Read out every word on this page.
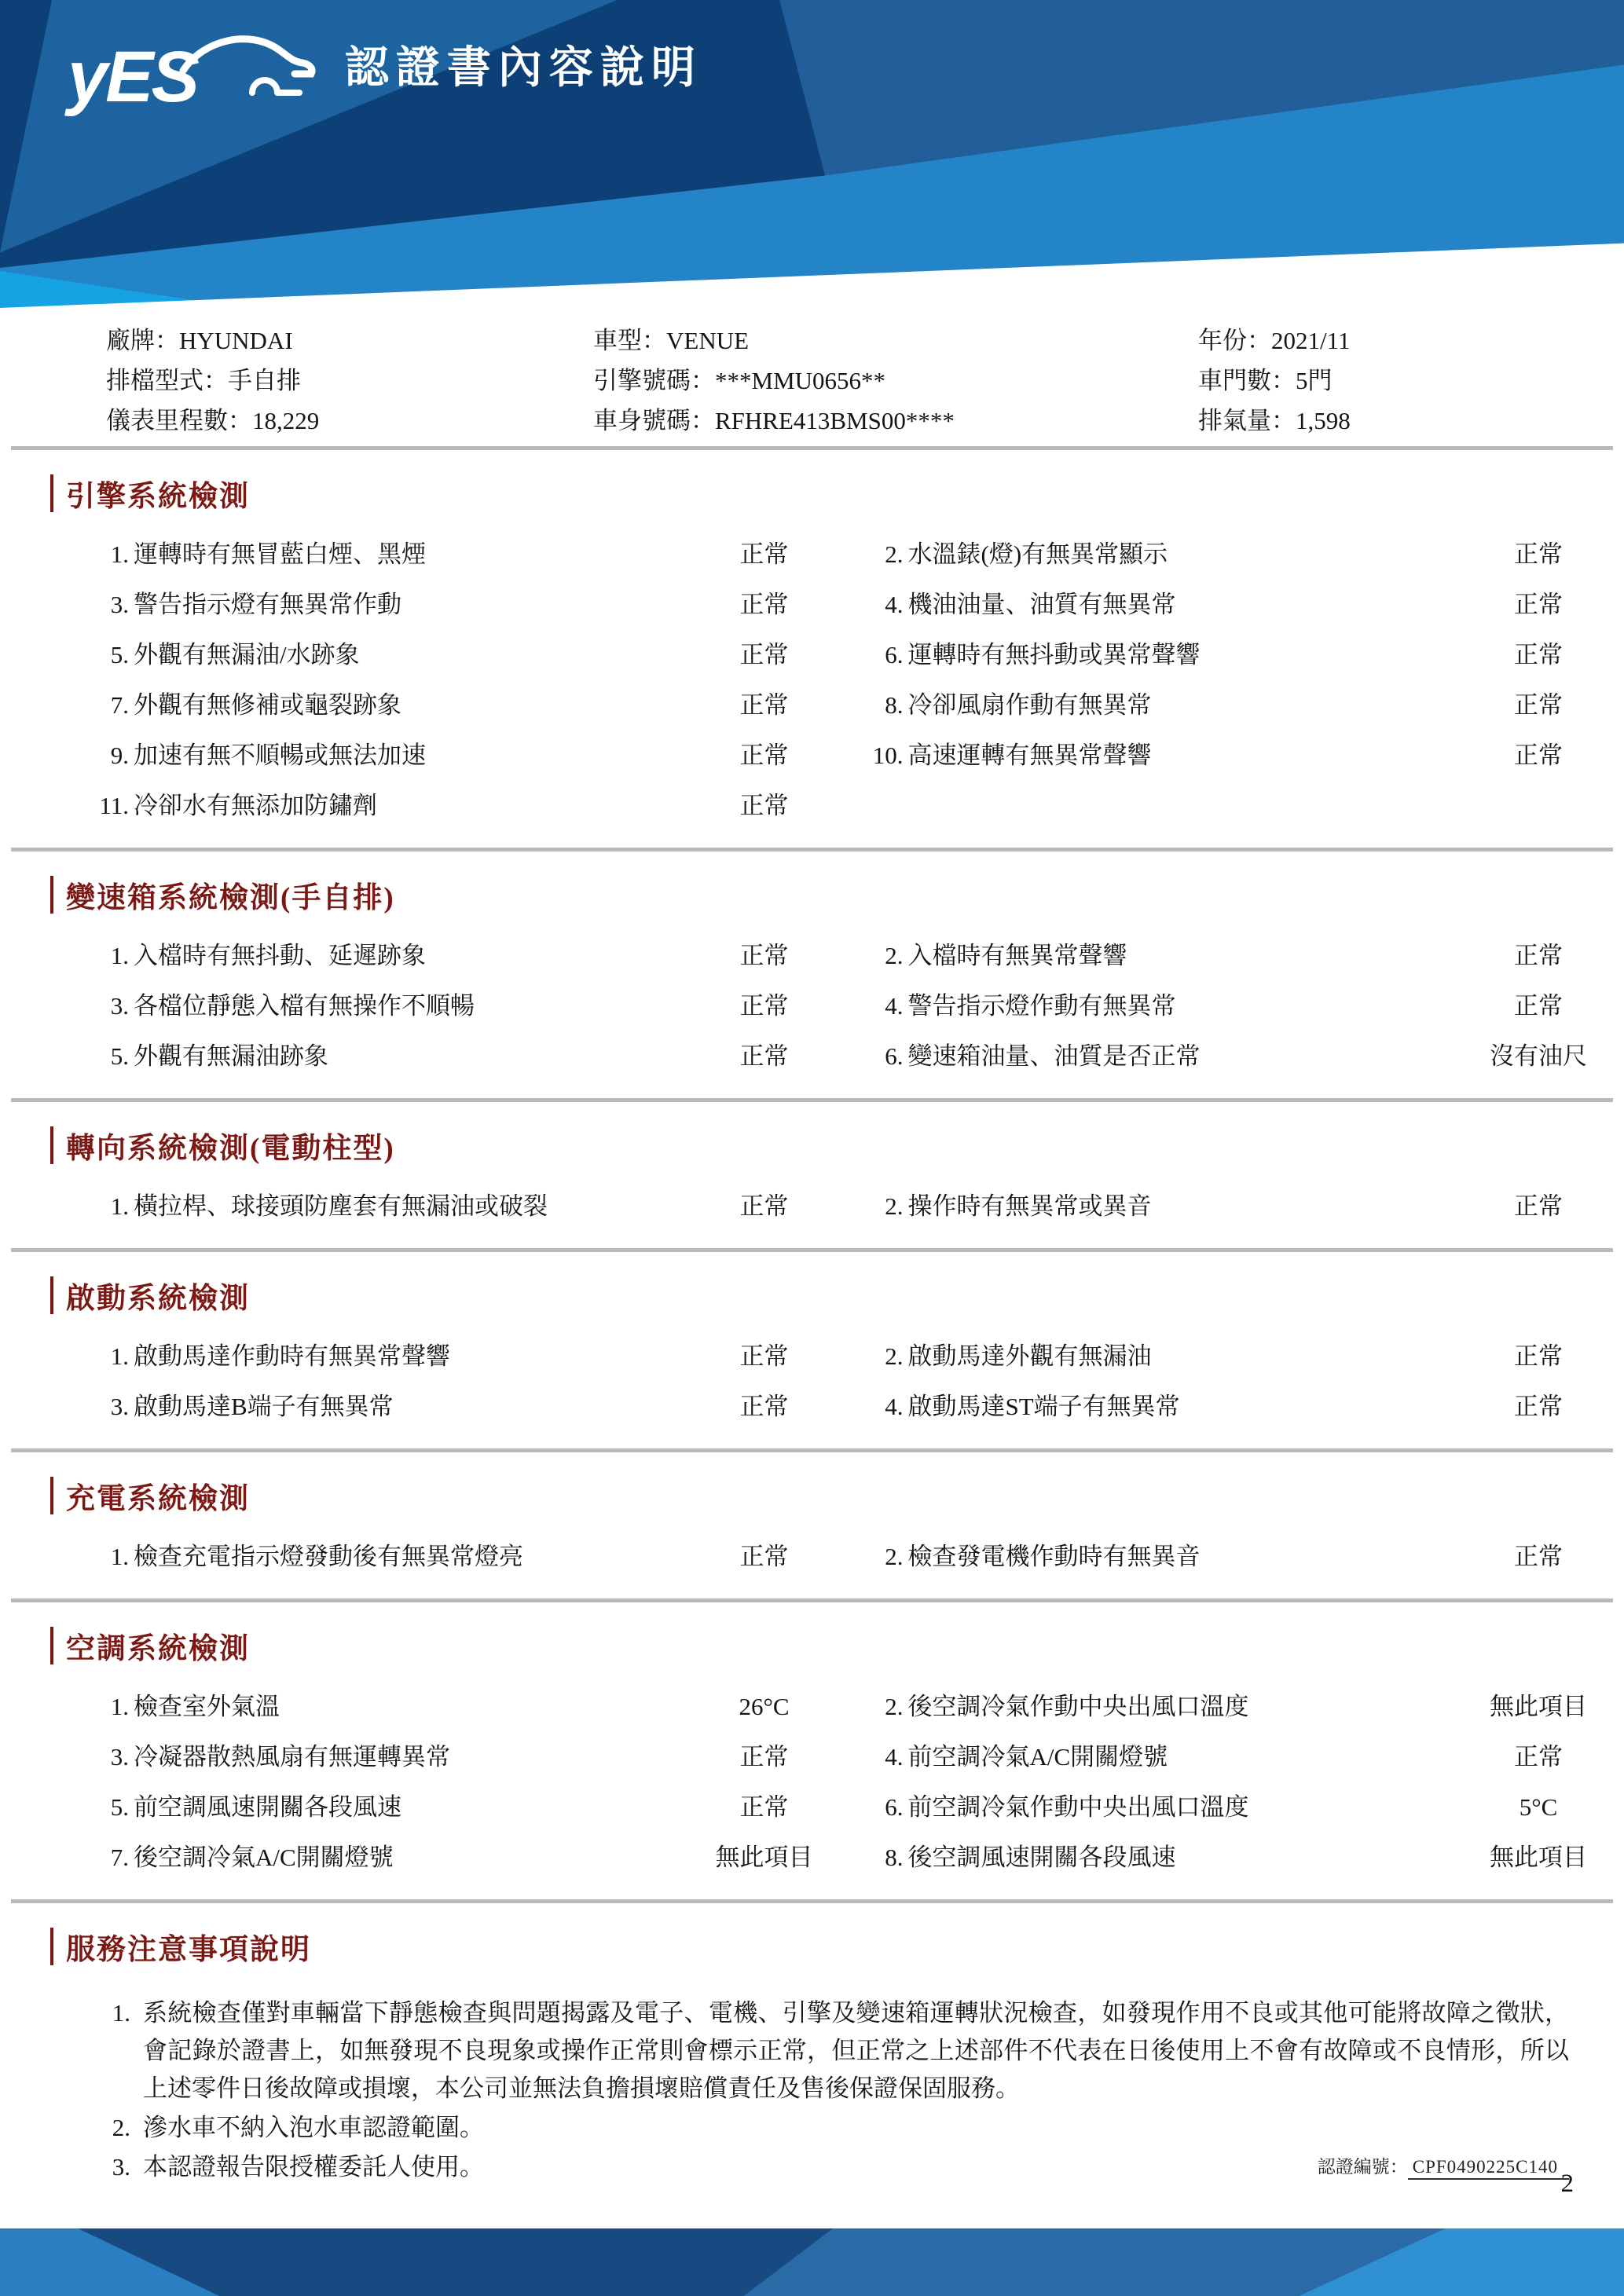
yES	認證書內容說明
廠牌：HYUNDAI	車型：VENUE	年份：2021/11
排檔型式：手自排	引擎號碼：***MMU0656**	車門數：5門
儀表里程數：18,229	車身號碼：RFHRE413BMS00****	排氣量：1,598
引擎系統檢測
1. 運轉時有無冒藍白煙、黑煙	正常	2. 水溫錶(燈)有無異常顯示	正常
3. 警告指示燈有無異常作動	正常	4. 機油油量、油質有無異常	正常
5. 外觀有無漏油/水跡象	正常	6. 運轉時有無抖動或異常聲響	正常
7. 外觀有無修補或龜裂跡象	正常	8. 冷卻風扇作動有無異常	正常
9. 加速有無不順暢或無法加速	正常	10. 高速運轉有無異常聲響	正常
11. 冷卻水有無添加防鏽劑	正常
變速箱系統檢測(手自排)
1. 入檔時有無抖動、延遲跡象	正常	2. 入檔時有無異常聲響	正常
3. 各檔位靜態入檔有無操作不順暢	正常	4. 警告指示燈作動有無異常	正常
5. 外觀有無漏油跡象	正常	6. 變速箱油量、油質是否正常	沒有油尺
轉向系統檢測(電動柱型)
1. 橫拉桿、球接頭防塵套有無漏油或破裂	正常	2. 操作時有無異常或異音	正常
啟動系統檢測
1. 啟動馬達作動時有無異常聲響	正常	2. 啟動馬達外觀有無漏油	正常
3. 啟動馬達B端子有無異常	正常	4. 啟動馬達ST端子有無異常	正常
充電系統檢測
1. 檢查充電指示燈發動後有無異常燈亮	正常	2. 檢查發電機作動時有無異音	正常
空調系統檢測
1. 檢查室外氣溫	26°C	2. 後空調冷氣作動中央出風口溫度	無此項目
3. 冷凝器散熱風扇有無運轉異常	正常	4. 前空調冷氣A/C開關燈號	正常
5. 前空調風速開關各段風速	正常	6. 前空調冷氣作動中央出風口溫度	5°C
7. 後空調冷氣A/C開關燈號	無此項目	8. 後空調風速開關各段風速	無此項目
服務注意事項說明
1. 系統檢查僅對車輛當下靜態檢查與問題揭露及電子、電機、引擎及變速箱運轉狀況檢查，如發現作用不良或其他可能將故障之徵狀，會記錄於證書上，如無發現不良現象或操作正常則會標示正常，但正常之上述部件不代表在日後使用上不會有故障或不良情形，所以上述零件日後故障或損壞，本公司並無法負擔損壞賠償責任及售後保證保固服務。
2. 滲水車不納入泡水車認證範圍。
3. 本認證報告限授權委託人使用。	認證編號： CPF0490225C140
2
